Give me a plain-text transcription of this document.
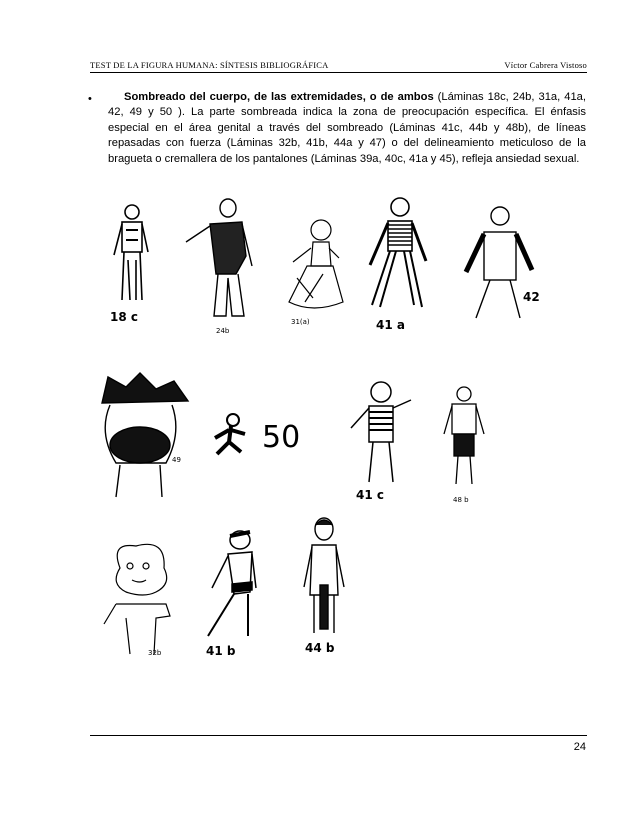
TEST DE LA FIGURA HUMANA: SÍNTESIS BIBLIOGRÁFICA	Víctor Cabrera Vistoso
•	Sombreado del cuerpo, de las extremidades, o de ambos (Láminas 18c, 24b, 31a, 41a, 42, 49 y 50 ). La parte sombreada indica la zona de preocupación específica. El énfasis especial en el área genital a través del sombreado (Láminas 41c, 44b y 48b), de líneas repasadas con fuerza (Láminas 32b, 41b, 44a y 47) o del delineamiento meticuloso de la bragueta o cremallera de los pantalones (Láminas 39a, 40c, 41a y 45), refleja ansiedad sexual.
18 c
24b
31(a)	41 a
42
49
50
41 c	48 b
32b	41 b	44 b
24
